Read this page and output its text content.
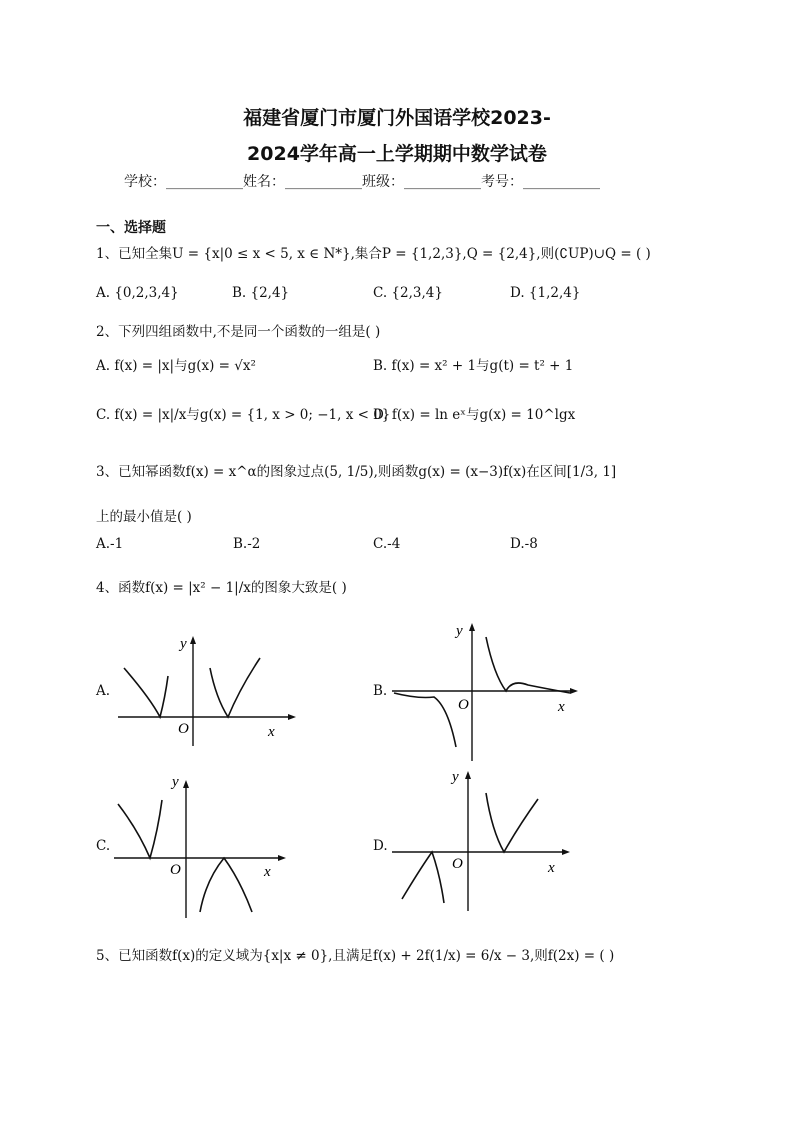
福建省厦门市厦门外国语学校2023-
2024学年高一上学期期中数学试卷
学校：___________姓名：___________班级：___________考号：___________
一、选择题
1、已知全集U = {x|0 ≤ x < 5, x ∈ N*},集合P = {1,2,3},Q = {2,4},则(∁UP)∪Q = ( )
A. {0,2,3,4}	B. {2,4}	C. {2,3,4}	D. {1,2,4}
2、下列四组函数中,不是同一个函数的一组是( )
A. f(x) = |x|与g(x) = √x²	B. f(x) = x² + 1与g(t) = t² + 1
C. f(x) = |x|/x与g(x) = {1, x > 0; −1, x < 0}
D. f(x) = ln eˣ与g(x) = 10^lgx
3、已知幂函数f(x) = x^α的图象过点(5, 1/5),则函数g(x) = (x−3)f(x)在区间[1/3, 1]
上的最小值是( )
A.-1	B.-2	C.-4	D.-8
4、函数f(x) = |x² − 1|/x的图象大致是( )
A.
O	x
y
B.
O	x
y
C.
O	x
y
D.
O	x
y
5、已知函数f(x)的定义域为{x|x ≠ 0},且满足f(x) + 2f(1/x) = 6/x − 3,则f(2x) = ( )
